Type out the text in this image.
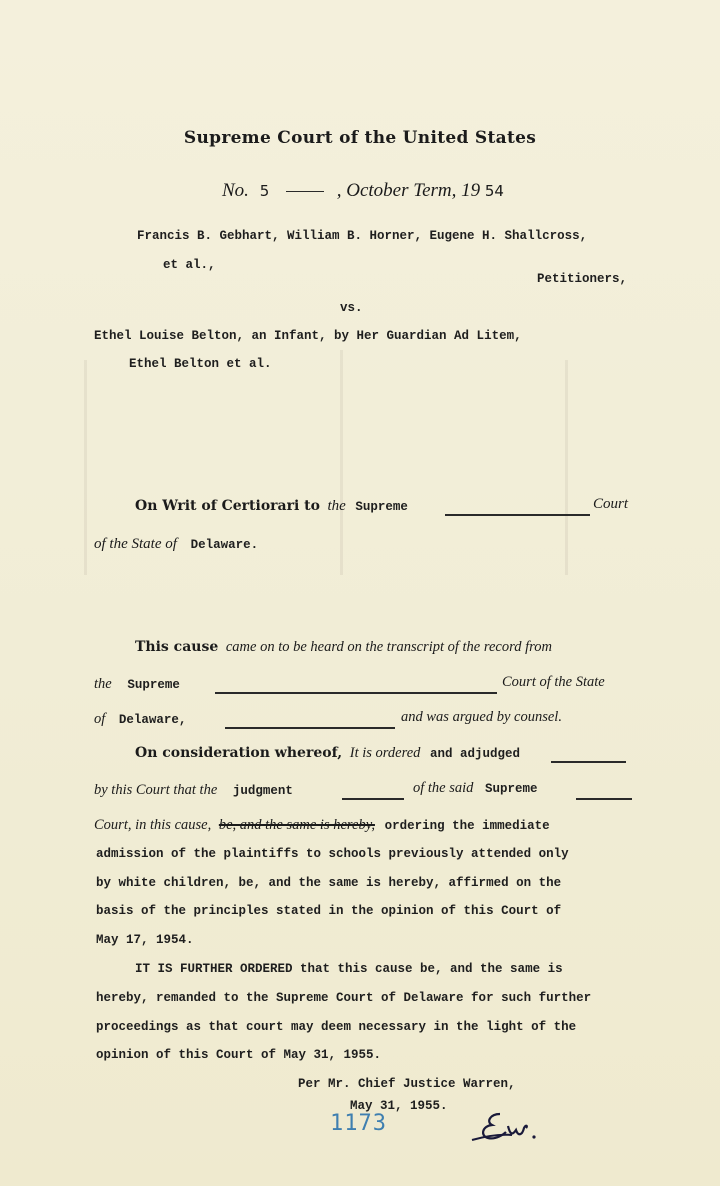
Supreme Court of the United States
No. 5	, October Term, 19 54
Francis B. Gebhart, William B. Horner, Eugene H. Shallcross,
et al.,
Petitioners,
vs.
Ethel Louise Belton, an Infant, by Her Guardian Ad Litem,
Ethel Belton et al.
On Writ of Certiorari to the Supreme	Court
of the State of Delaware.
This cause came on to be heard on the transcript of the record from
the Supreme	Court of the State
of Delaware,	and was argued by counsel.
On consideration whereof, It is ordered and adjudged
by this Court that the judgment	of the said Supreme
Court, in this cause, be, and the same is hereby, ordering the immediate
admission of the plaintiffs to schools previously attended only
by white children, be, and the same is hereby, affirmed on the
basis of the principles stated in the opinion of this Court of
May 17, 1954.
IT IS FURTHER ORDERED that this cause be, and the same is
hereby, remanded to the Supreme Court of Delaware for such further
proceedings as that court may deem necessary in the light of the
opinion of this Court of May 31, 1955.
Per Mr. Chief Justice Warren,
May 31, 1955.
1173
